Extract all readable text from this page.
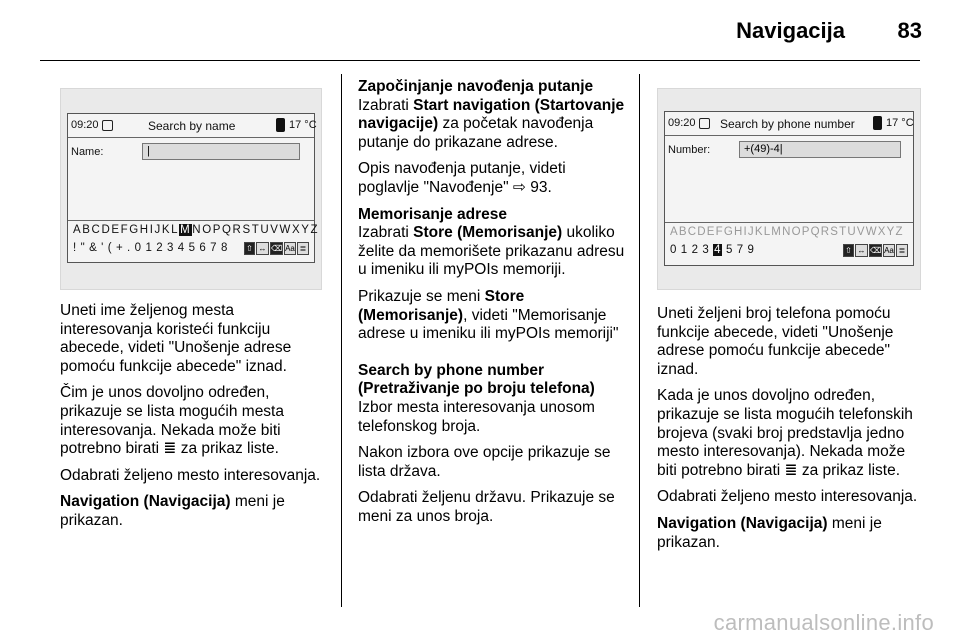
Navigacija 83
09:20	Search by name	17 °C
Name:	|
ABCDEFGHIJKLMNOPQRSTUVWXYZ
! " & ' ( + . 0 1 2 3 4 5 6 7 8 ⇧ ↔ ⌫ Aa ≣
09:20 Search by phone number	17 °C
Number:	+(49)-4|
ABCDEFGHIJKLMNOPQRSTUVWXYZ
0 1 2 3 4 5 7 9	⇧ ↔ ⌫ Aa ≣

Uneti ime željenog mesta interesovanja koristeći funkciju abecede, videti "Unošenje adrese pomoću funkcije abecede" iznad.

Čim je unos dovoljno određen, prikazuje se lista mogućih mesta interesovanja. Nekada može biti potrebno birati ≣ za prikaz liste.

Odabrati željeno mesto interesovanja.

Navigation (Navigacija) meni je prikazan.

Započinjanje navođenja putanje

Izabrati Start navigation (Startovanje navigacije) za početak navođenja putanje do prikazane adrese.

Opis navođenja putanje, videti poglavlje "Navođenje" ⇨ 93.

Memorisanje adrese

Izabrati Store (Memorisanje) ukoliko želite da memorišete prikazanu adresu u imeniku ili myPOIs memoriji.

Prikazuje se meni Store (Memorisanje), videti "Memorisanje adrese u imeniku ili myPOIs memoriji"

Search by phone number (Pretraživanje po broju telefona)

Izbor mesta interesovanja unosom telefonskog broja.

Nakon izbora ove opcije prikazuje se lista država.

Odabrati željenu državu. Prikazuje se meni za unos broja.

Uneti željeni broj telefona pomoću funkcije abecede, videti "Unošenje adrese pomoću funkcije abecede" iznad.

Kada je unos dovoljno određen, prikazuje se lista mogućih telefonskih brojeva (svaki broj predstavlja jedno mesto interesovanja). Nekada može biti potrebno birati ≣ za prikaz liste.

Odabrati željeno mesto interesovanja.

Navigation (Navigacija) meni je prikazan.

carmanualsonline.info
